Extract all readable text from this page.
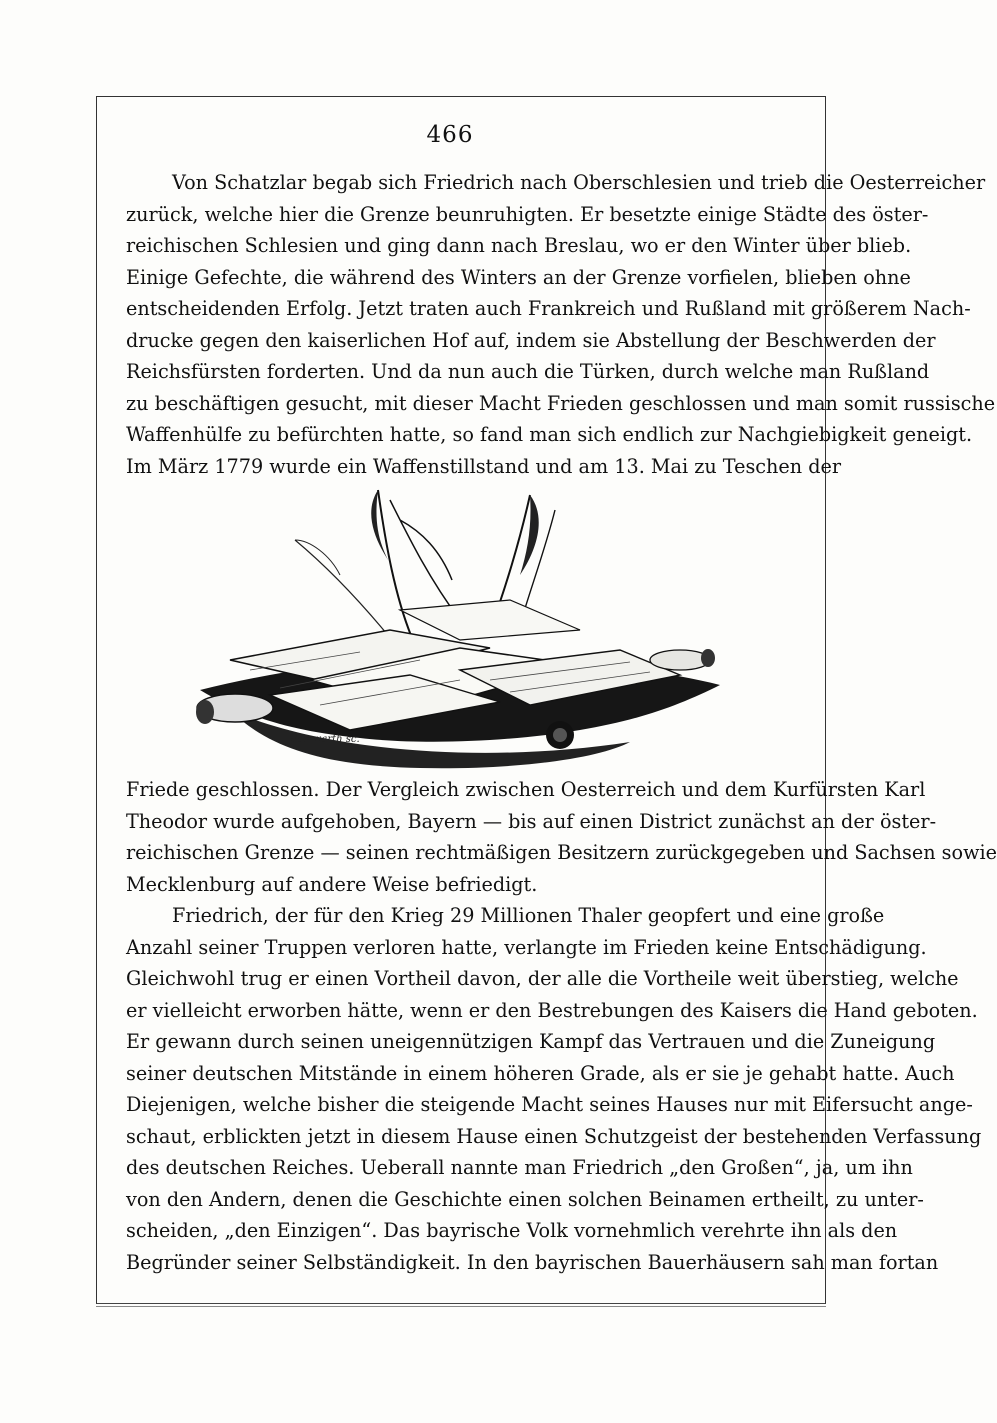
466
Von Schatzlar begab sich Friedrich nach Oberschlesien und trieb die Oesterreicher
zurück, welche hier die Grenze beunruhigten. Er besetzte einige Städte des öster-
reichischen Schlesien und ging dann nach Breslau, wo er den Winter über blieb.
Einige Gefechte, die während des Winters an der Grenze vorfielen, blieben ohne
entscheidenden Erfolg. Jetzt traten auch Frankreich und Rußland mit größerem Nach-
drucke gegen den kaiserlichen Hof auf, indem sie Abstellung der Beschwerden der
Reichsfürsten forderten. Und da nun auch die Türken, durch welche man Rußland
zu beschäftigen gesucht, mit dieser Macht Frieden geschlossen und man somit russische
Waffenhülfe zu befürchten hatte, so fand man sich endlich zur Nachgiebigkeit geneigt.
Im März 1779 wurde ein Waffenstillstand und am 13. Mai zu Teschen der
Bamwarth sc.
Friede geschlossen. Der Vergleich zwischen Oesterreich und dem Kurfürsten Karl
Theodor wurde aufgehoben, Bayern — bis auf einen District zunächst an der öster-
reichischen Grenze — seinen rechtmäßigen Besitzern zurückgegeben und Sachsen sowie
Mecklenburg auf andere Weise befriedigt.
Friedrich, der für den Krieg 29 Millionen Thaler geopfert und eine große
Anzahl seiner Truppen verloren hatte, verlangte im Frieden keine Entschädigung.
Gleichwohl trug er einen Vortheil davon, der alle die Vortheile weit überstieg, welche
er vielleicht erworben hätte, wenn er den Bestrebungen des Kaisers die Hand geboten.
Er gewann durch seinen uneigennützigen Kampf das Vertrauen und die Zuneigung
seiner deutschen Mitstände in einem höheren Grade, als er sie je gehabt hatte. Auch
Diejenigen, welche bisher die steigende Macht seines Hauses nur mit Eifersucht ange-
schaut, erblickten jetzt in diesem Hause einen Schutzgeist der bestehenden Verfassung
des deutschen Reiches. Ueberall nannte man Friedrich „den Großen“, ja, um ihn
von den Andern, denen die Geschichte einen solchen Beinamen ertheilt, zu unter-
scheiden, „den Einzigen“. Das bayrische Volk vornehmlich verehrte ihn als den
Begründer seiner Selbständigkeit. In den bayrischen Bauerhäusern sah man fortan
